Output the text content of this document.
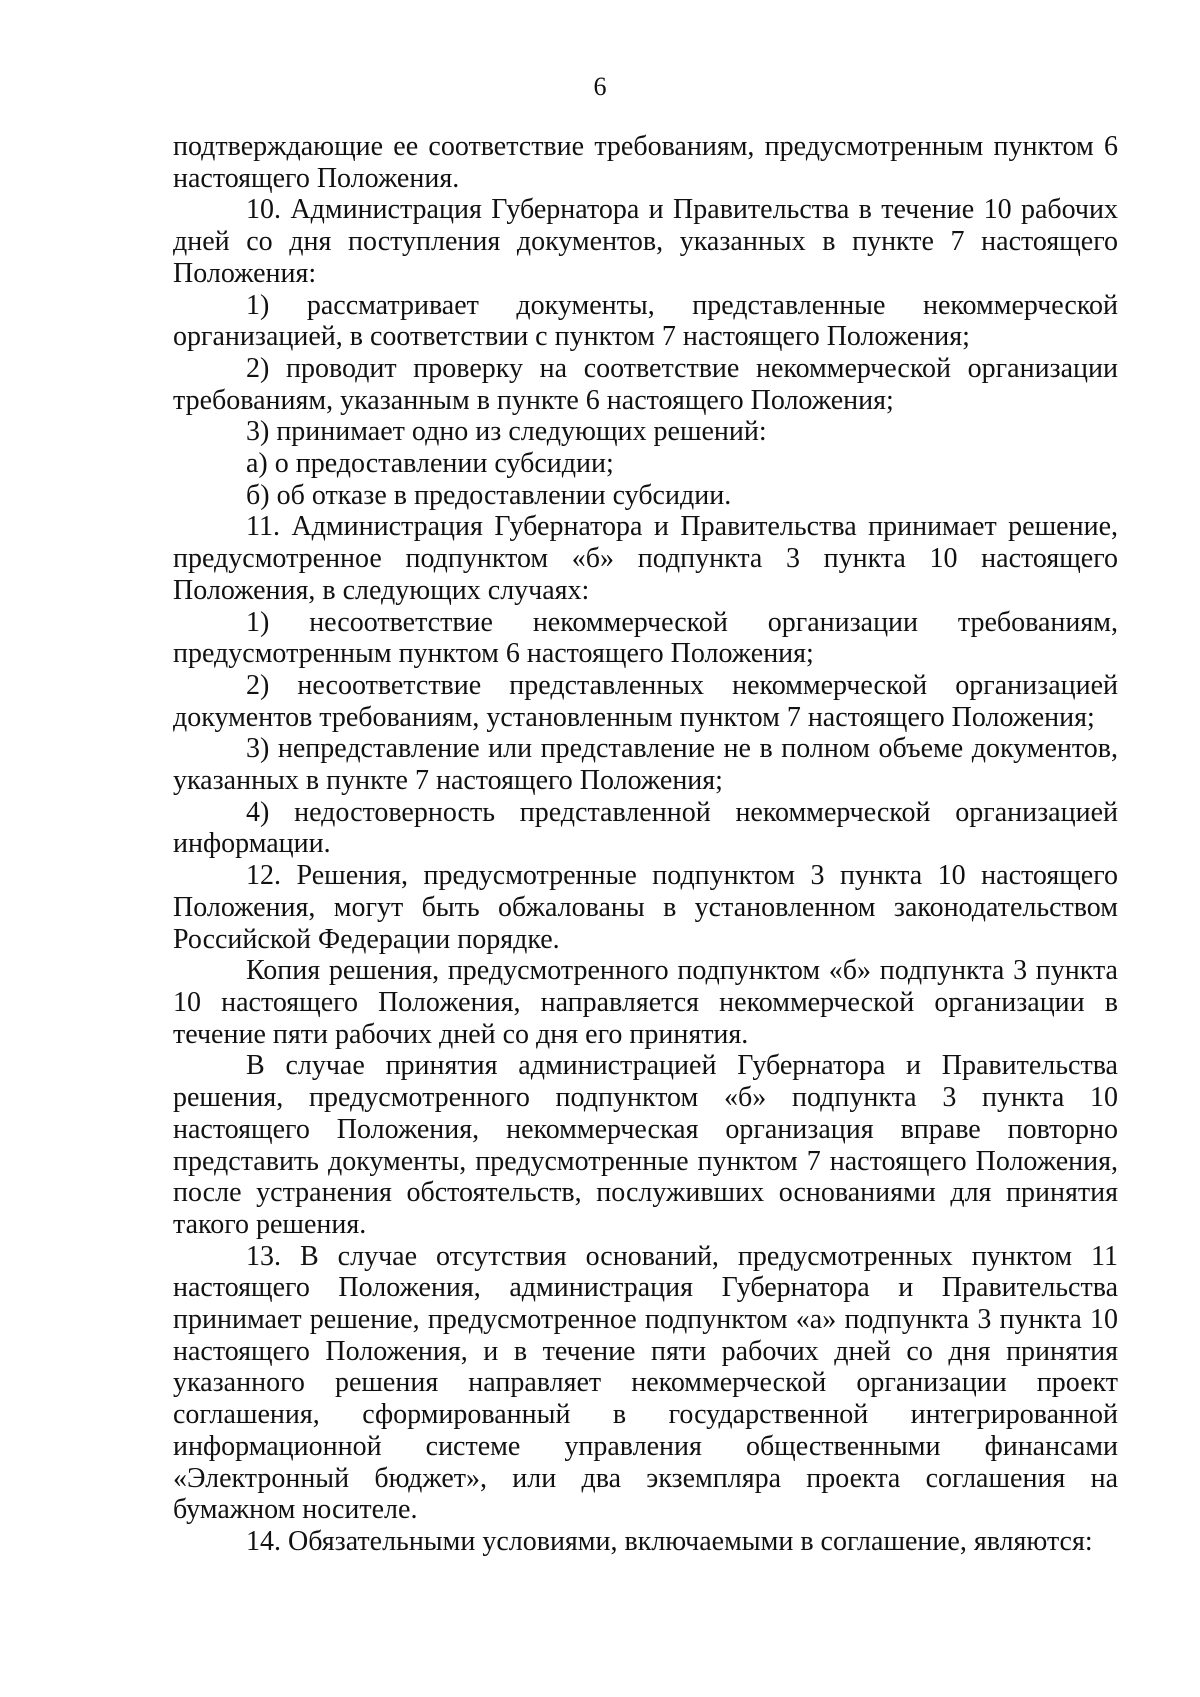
6

подтверждающие ее соответствие требованиям, предусмотренным пунктом 6 настоящего Положения.

10. Администрация Губернатора и Правительства в течение 10 рабочих дней со дня поступления документов, указанных в пункте 7 настоящего Положения:

1) рассматривает документы, представленные некоммерческой организацией, в соответствии с пунктом 7 настоящего Положения;

2) проводит проверку на соответствие некоммерческой организации требованиям, указанным в пункте 6 настоящего Положения;

3) принимает одно из следующих решений:

а) о предоставлении субсидии;

б) об отказе в предоставлении субсидии.

11. Администрация Губернатора и Правительства принимает решение, предусмотренное подпунктом «б» подпункта 3 пункта 10 настоящего Положения, в следующих случаях:

1) несоответствие некоммерческой организации требованиям, предусмотренным пунктом 6 настоящего Положения;

2) несоответствие представленных некоммерческой организацией документов требованиям, установленным пунктом 7 настоящего Положения;

3) непредставление или представление не в полном объеме документов, указанных в пункте 7 настоящего Положения;

4) недостоверность представленной некоммерческой организацией информации.

12. Решения, предусмотренные подпунктом 3 пункта 10 настоящего Положения, могут быть обжалованы в установленном законодательством Российской Федерации порядке.

Копия решения, предусмотренного подпунктом «б» подпункта 3 пункта 10 настоящего Положения, направляется некоммерческой организации в течение пяти рабочих дней со дня его принятия.

В случае принятия администрацией Губернатора и Правительства решения, предусмотренного подпунктом «б» подпункта 3 пункта 10 настоящего Положения, некоммерческая организация вправе повторно представить документы, предусмотренные пунктом 7 настоящего Положения, после устранения обстоятельств, послуживших основаниями для принятия такого решения.

13. В случае отсутствия оснований, предусмотренных пунктом 11 настоящего Положения, администрация Губернатора и Правительства принимает решение, предусмотренное подпунктом «а» подпункта 3 пункта 10 настоящего Положения, и в течение пяти рабочих дней со дня принятия указанного решения направляет некоммерческой организации проект соглашения, сформированный в государственной интегрированной информационной системе управления общественными финансами «Электронный бюджет», или два экземпляра проекта соглашения на бумажном носителе.

14. Обязательными условиями, включаемыми в соглашение, являются:
